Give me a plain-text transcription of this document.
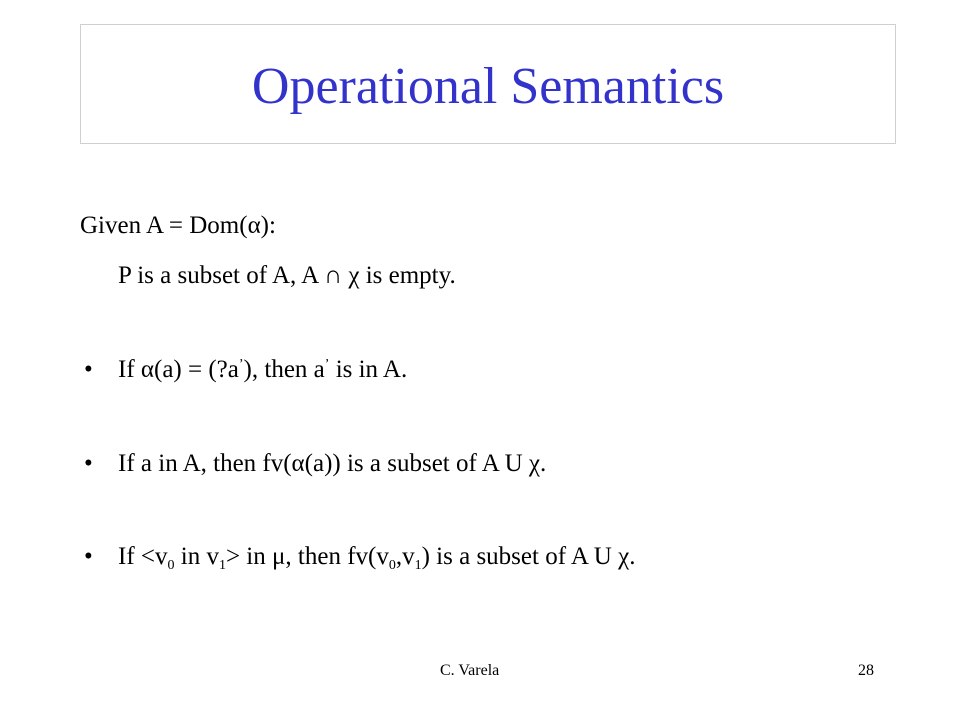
Operational Semantics
Given A = Dom(α):
P is a subset of A, A ∩ χ is empty.
• If α(a) = (?a’), then a’ is in A.
• If a in A, then fv(α(a)) is a subset of A U χ.
• $If <v_0$ in $v_1>$ in μ, then $fv(v_0,v_1)$ is a subset of A U χ.
C. Varela	28
